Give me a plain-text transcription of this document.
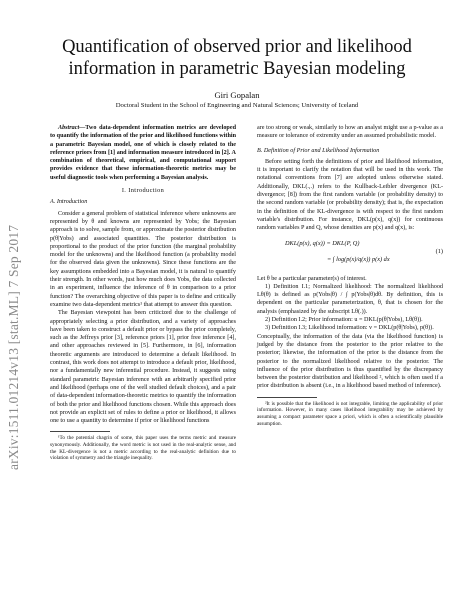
Quantification of observed prior and likelihood information in parametric Bayesian modeling
Giri Gopalan
Doctoral Student in the School of Engineering and Natural Sciences; University of Iceland
arXiv:1511.01214v13 [stat.ML] 7 Sep 2017

Abstract—Two data-dependent information metrics are developed to quantify the information of the prior and likelihood functions within a parametric Bayesian model, one of which is closely related to the reference priors from [1] and information measure introduced in [2]. A combination of theoretical, empirical, and computational support provides evidence that these information-theoretic metrics may be useful diagnostic tools when performing a Bayesian analysis.

I. Introduction
A. Introduction

Consider a general problem of statistical inference where unknowns are represented by θ and knowns are represented by Yobs; the Bayesian approach is to solve, sample from, or approximate the posterior distribution p(θ|Yobs) and associated quantities. The posterior distribution is proportional to the product of the prior function (the marginal probability model for the unknowns) and the likelihood function (a probability model for the observed data given the unknowns). Since these functions are the key assumptions embedded into a Bayesian model, it is natural to quantify their strength. In other words, just how much does Yobs, the data collected in an experiment, influence the inference of θ in comparison to a prior function? The overarching objective of this paper is to define and critically examine two data-dependent metrics¹ that attempt to answer this question.

The Bayesian viewpoint has been criticized due to the challenge of appropriately selecting a prior distribution, and a variety of approaches have been taken to construct a default prior or bypass the prior completely, such as the Jeffreys prior [3], reference priors [1], prior free inference [4], and other approaches reviewed in [5]. Furthermore, in [6], information theoretic arguments are introduced to determine a default likelihood. In contrast, this work does not attempt to introduce a default prior, likelihood, nor a fundamentally new inferential procedure. Instead, it suggests using standard parametric Bayesian inference with an arbitrarily specified prior and likelihood (perhaps one of the well studied default choices), and a pair of data-dependent information-theoretic metrics to quantify the information of both the prior and likelihood functions chosen. While this approach does not provide an explicit set of rules to define a prior or likelihood, it allows one to use a quantity to determine if prior or likelihood functions

¹To the potential chagrin of some, this paper uses the terms metric and measure synonymously. Additionally, the word metric is not used in the real-analytic sense, and the KL-divergence is not a metric according to the real-analytic definition due to violation of symmetry and the triangle inequality.

are too strong or weak, similarly to how an analyst might use a p-value as a measure or tolerance of extremity under an assumed probabilistic model.

B. Definition of Prior and Likelihood Information

Before setting forth the definitions of prior and likelihood information, it is important to clarify the notation that will be used in this work. The notational conventions from [7] are adopted unless otherwise stated. Additionally, DKL(.,.) refers to the Kullback-Leibler divergence (KL-divergence; [8]) from the first random variable (or probability density) to the second random variable (or probability density); that is, the expectation in the definition of the KL-divergence is with respect to the first random variable's distribution. For instance, DKL(p(x), q(x)) for continuous random variables P and Q, whose densities are p(x) and q(x), is:

DKL(p(x), q(x)) = DKL(P, Q)
= ∫ log(p(x)/q(x)) p(x) dx
(1)

Let θ be a particular parameter(s) of interest.

1) Definition I.1; Normalized likelihood: The normalized likelihood Lθ(θ) is defined as p(Yobs|θ) / ∫ p(Yobs|θ)dθ. By definition, this is dependent on the particular parameterization, θ, that is chosen for the analysis (emphasized by the subscript Lθ(.)).

2) Definition I.2; Prior information: u = DKL(p(θ|Yobs), Lθ(θ)).

3) Definition I.3; Likelihood information: v = DKL(p(θ|Yobs), p(θ)).

Conceptually, the information of the data (via the likelihood function) is judged by the distance from the posterior to the prior relative to the posterior; likewise, the information of the prior is the distance from the posterior to the normalized likelihood relative to the posterior. The influence of the prior distribution is thus quantified by the discrepancy between the posterior distribution and likelihood ², which is often used if a prior distribution is absent (i.e., in a likelihood based method of inference).

²It is possible that the likelihood is not integrable, limiting the applicability of prior information. However, in many cases likelihood integrability may be achieved by assuming a compact parameter space a priori, which is often a scientifically plausible assumption.
